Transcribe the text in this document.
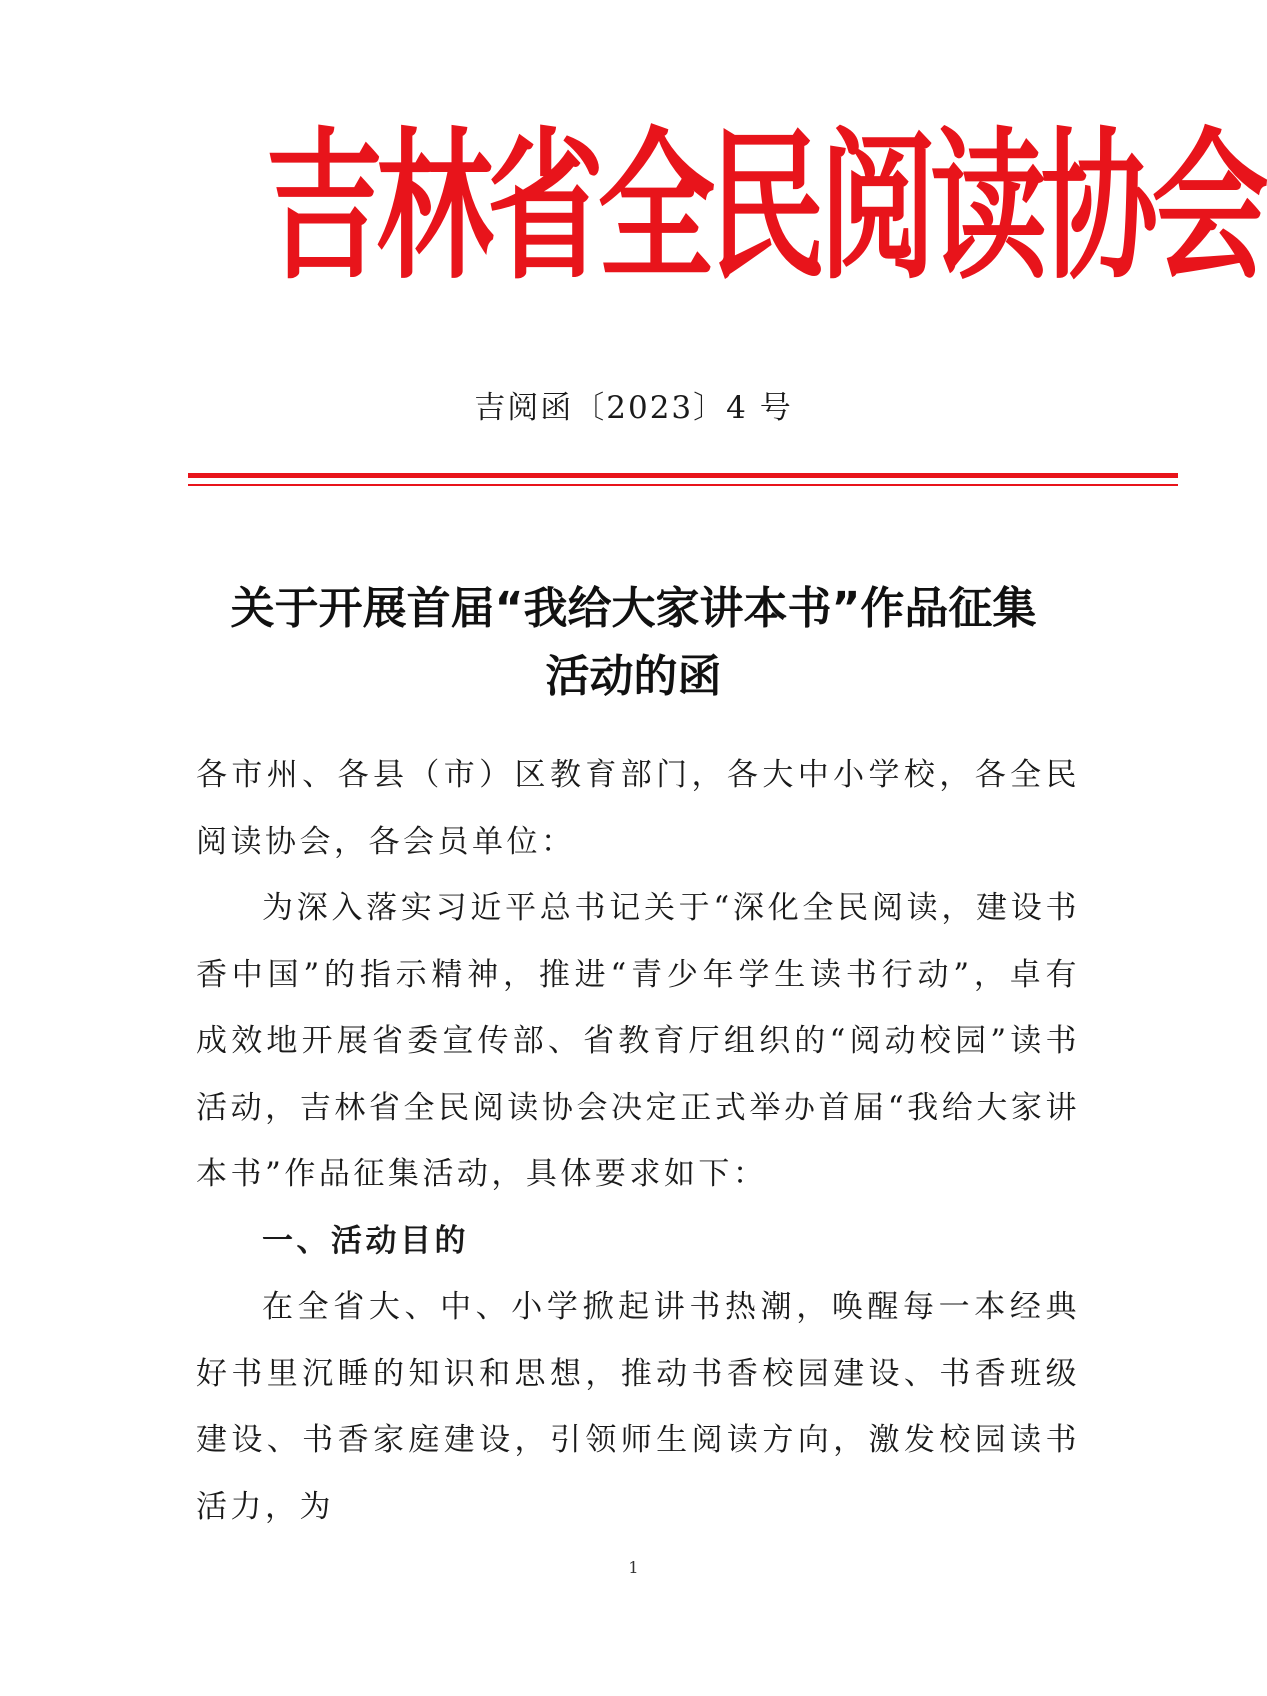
吉林省全民阅读协会
吉阅函〔2023〕4 号
关于开展首届“我给大家讲本书”作品征集
活动的函

各市州、各县（市）区教育部门，各大中小学校，各全民阅读协会，各会员单位：

为深入落实习近平总书记关于“深化全民阅读，建设书香中国”的指示精神，推进“青少年学生读书行动”，卓有成效地开展省委宣传部、省教育厅组织的“阅动校园”读书活动，吉林省全民阅读协会决定正式举办首届“我给大家讲本书”作品征集活动，具体要求如下：

一、活动目的

在全省大、中、小学掀起讲书热潮，唤醒每一本经典好书里沉睡的知识和思想，推动书香校园建设、书香班级建设、书香家庭建设，引领师生阅读方向，激发校园读书活力，为

1
